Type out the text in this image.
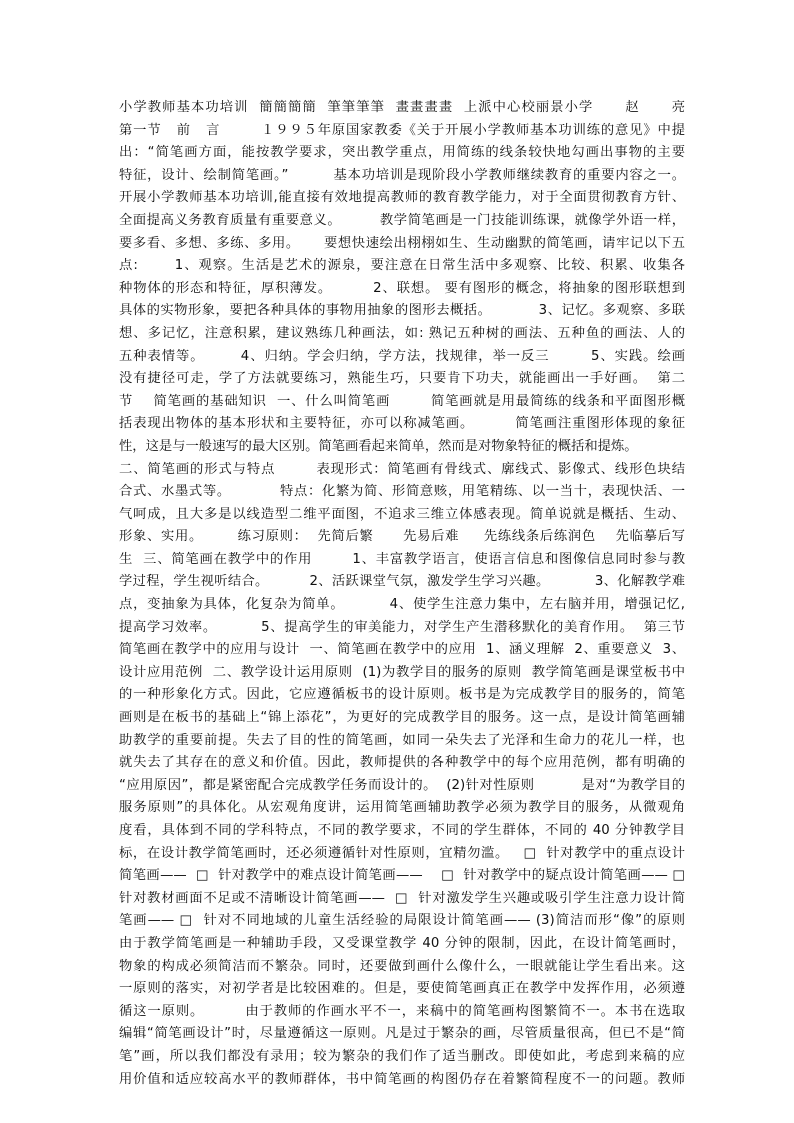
小学教师基本功培训  簡簡簡簡  筆筆筆筆  畫畫畫畫  上派中心校丽景小学      赵      亮
第一节   前   言        １９９５年原国家教委《关于开展小学教师基本功训练的意见》中提
出：“简笔画方面，能按教学要求，突出教学重点，用简练的线条较快地勾画出事物的主要
特征，设计、绘制简笔画。”         基本功培训是现阶段小学教师继续教育的重要内容之一。
开展小学教师基本功培训,能直接有效地提高教师的教育教学能力，对于全面贯彻教育方针、
全面提高义务教育质量有重要意义。        教学简笔画是一门技能训练课，就像学外语一样，
要多看、多想、多练、多用。     要想快速绘出栩栩如生、生动幽默的简笔画，请牢记以下五
点:       1、观察。生活是艺术的源泉，要注意在日常生活中多观察、比较、积累、收集各
种物体的形态和特征，厚积薄发。        2、联想。 要有图形的概念，将抽象的图形联想到
具体的实物形象，要把各种具体的事物用抽象的图形去概括。          3、记忆。多观察、多联
想、多记忆，注意积累，建议熟练几种画法，如: 熟记五种树的画法、五种鱼的画法、人的
五种表情等。       4、归纳。学会归纳，学方法，找规律，举一反三        5、实践。绘画
没有捷径可走，学了方法就要练习，熟能生巧，只要肯下功夫，就能画出一手好画。  第二
节    简笔画的基础知识  一、什么叫简笔画        简笔画就是用最简练的线条和平面图形概
括表现出物体的基本形状和主要特征，亦可以称减笔画。        简笔画注重图形体现的象征
性，这是与一般速写的最大区别。简笔画看起来简单，然而是对物象特征的概括和提炼。
二、简笔画的形式与特点        表现形式：简笔画有骨线式、廓线式、影像式、线形色块结
合式、水墨式等。          特点：化繁为简、形简意赅，用笔精练、以一当十，表现快活、一
气呵成，且大多是以线造型二维平面图，不追求三维立体感表现。简单说就是概括、生动、
形象、实用。       练习原则：  先简后繁      先易后难     先练线条后练润色    先临摹后写
生  三、简笔画在教学中的作用        1、丰富教学语言，使语言信息和图像信息同时参与教
学过程，学生视听结合。         2、活跃课堂气氛，激发学生学习兴趣。          3、化解教学难
点，变抽象为具体，化复杂为简单。         4、使学生注意力集中，左右脑并用，增强记忆,
提高学习效率。         5、提高学生的审美能力，对学生产生潜移默化的美育作用。  第三节
简笔画在教学中的应用与设计  一、简笔画在教学中的应用  1、涵义理解  2、重要意义  3、
设计应用范例  二、教学设计运用原则  (1)为教学目的服务的原则  教学简笔画是课堂板书中
的一种形象化方式。因此，它应遵循板书的设计原则。板书是为完成教学目的服务的，简笔
画则是在板书的基础上“锦上添花”，为更好的完成教学目的服务。这一点，是设计简笔画辅
助教学的重要前提。失去了目的性的简笔画，如同一朵失去了光泽和生命力的花儿一样，也
就失去了其存在的意义和价值。因此，教师提供的各种教学中的每个应用范例，都有明确的
“应用原因”，都是紧密配合完成教学任务而设计的。  (2)针对性原则          是对“为教学目的
服务原则”的具体化。从宏观角度讲，运用简笔画辅助教学必须为教学目的服务，从微观角
度看，具体到不同的学科特点，不同的教学要求，不同的学生群体，不同的 40 分钟教学目
标，在设计教学简笔画时，还必须遵循针对性原则，宜精勿滥。   □  针对教学中的重点设计
简笔画——  □  针对教学中的难点设计简笔画——    □  针对教学中的疑点设计简笔画—— □
针对教材画面不足或不清晰设计简笔画——  □  针对激发学生兴趣或吸引学生注意力设计简
笔画—— □  针对不同地域的儿童生活经验的局限设计简笔画—— (3)简洁而形“像”的原则
由于教学简笔画是一种辅助手段，又受课堂教学 40 分钟的限制，因此，在设计简笔画时，
物象的构成必须简洁而不繁杂。同时，还要做到画什么像什么，一眼就能让学生看出来。这
一原则的落实，对初学者是比较困难的。但是，要使简笔画真正在教学中发挥作用，必须遵
循这一原则。        由于教师的作画水平不一，来稿中的简笔画构图繁简不一。本书在选取
编辑“简笔画设计”时，尽量遵循这一原则。凡是过于繁杂的画，尽管质量很高，但已不是“简
笔”画，所以我们都没有录用；较为繁杂的我们作了适当删改。即使如此，考虑到来稿的应
用价值和适应较高水平的教师群体，书中简笔画的构图仍存在着繁简程度不一的问题。教师
